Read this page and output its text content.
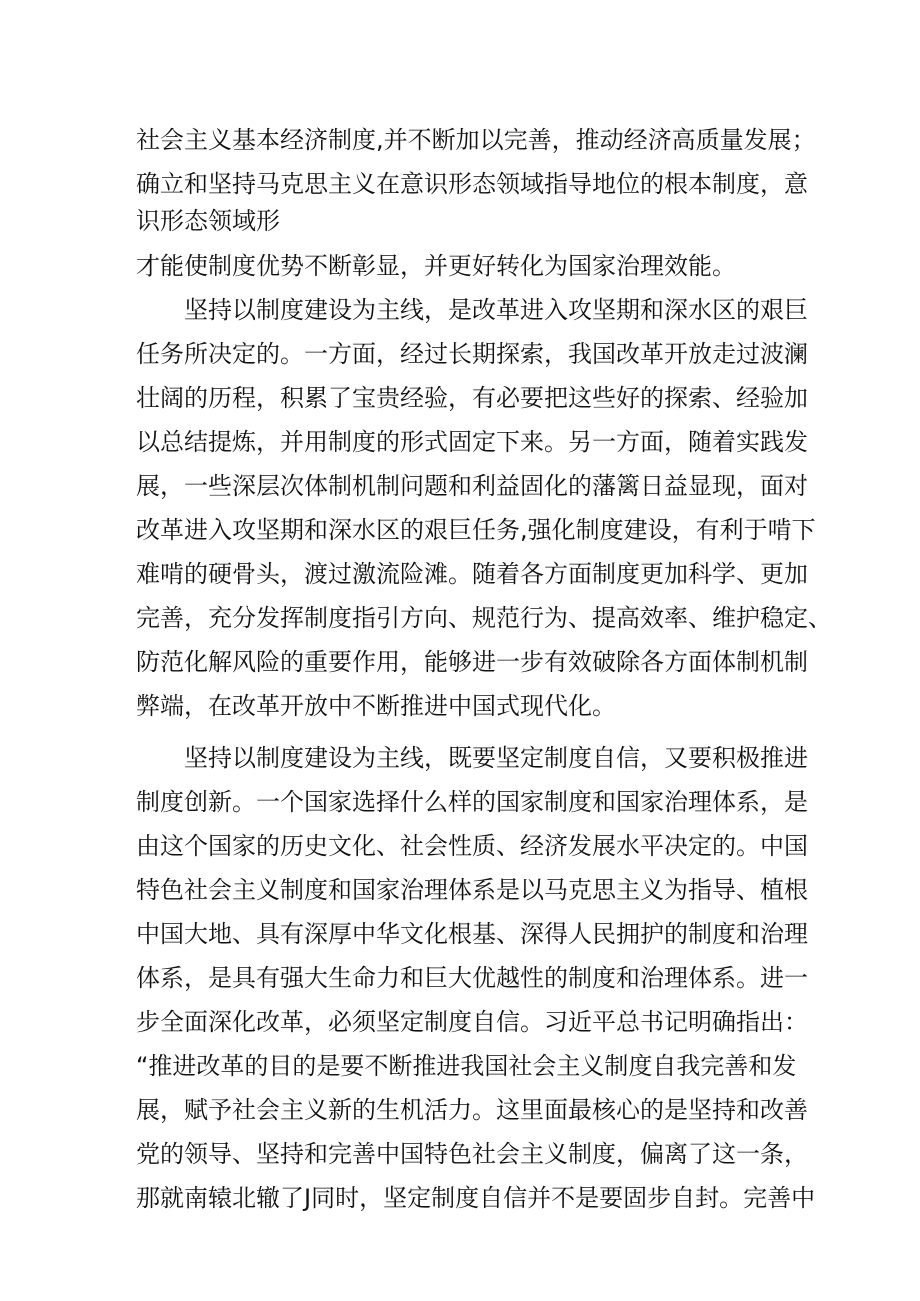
社会主义基本经济制度,并不断加以完善，推动经济高质量发展；
确立和坚持马克思主义在意识形态领域指导地位的根本制度，意
识形态领域形
才能使制度优势不断彰显，并更好转化为国家治理效能。
坚持以制度建设为主线，是改革进入攻坚期和深水区的艰巨
任务所决定的。一方面，经过长期探索，我国改革开放走过波澜
壮阔的历程，积累了宝贵经验，有必要把这些好的探索、经验加
以总结提炼，并用制度的形式固定下来。另一方面，随着实践发
展，一些深层次体制机制问题和利益固化的藩篱日益显现，面对
改革进入攻坚期和深水区的艰巨任务,强化制度建设，有利于啃下
难啃的硬骨头，渡过激流险滩。随着各方面制度更加科学、更加
完善，充分发挥制度指引方向、规范行为、提高效率、维护稳定、
防范化解风险的重要作用，能够进一步有效破除各方面体制机制
弊端，在改革开放中不断推进中国式现代化。
坚持以制度建设为主线，既要坚定制度自信，又要积极推进
制度创新。一个国家选择什么样的国家制度和国家治理体系，是
由这个国家的历史文化、社会性质、经济发展水平决定的。中国
特色社会主义制度和国家治理体系是以马克思主义为指导、植根
中国大地、具有深厚中华文化根基、深得人民拥护的制度和治理
体系，是具有强大生命力和巨大优越性的制度和治理体系。进一
步全面深化改革，必须坚定制度自信。习近平总书记明确指出：
“推进改革的目的是要不断推进我国社会主义制度自我完善和发
展，赋予社会主义新的生机活力。这里面最核心的是坚持和改善
党的领导、坚持和完善中国特色社会主义制度，偏离了这一条，
那就南辕北辙了J同时，坚定制度自信并不是要固步自封。完善中
